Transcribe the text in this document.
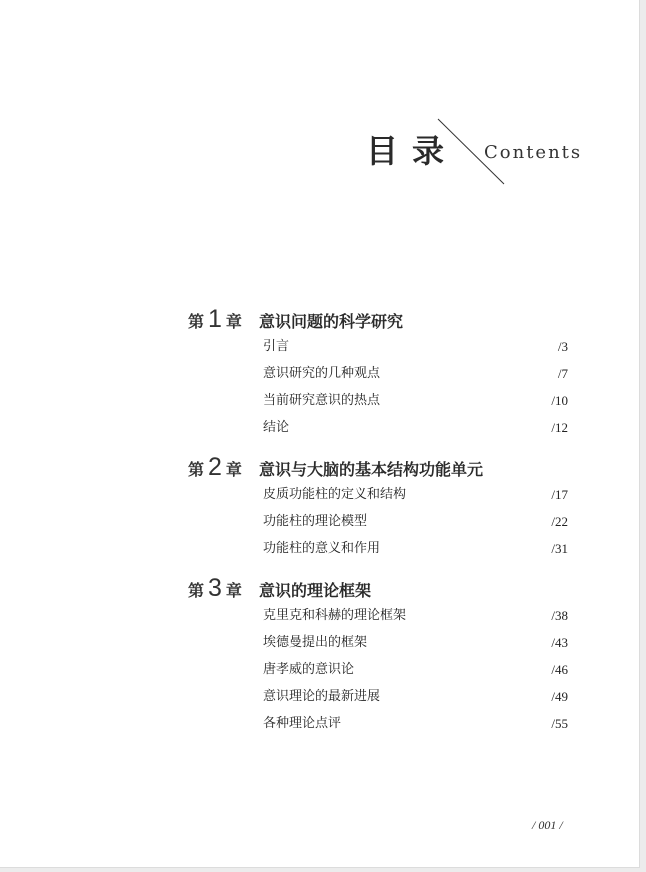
目录 Contents
第 1 章 意识问题的科学研究
引言	/3
意识研究的几种观点	/7
当前研究意识的热点	/10
结论	/12
第 2 章 意识与大脑的基本结构功能单元
皮质功能柱的定义和结构	/17
功能柱的理论模型	/22
功能柱的意义和作用	/31
第 3 章 意识的理论框架
克里克和科赫的理论框架	/38
埃德曼提出的框架	/43
唐孝威的意识论	/46
意识理论的最新进展	/49
各种理论点评	/55
/ 001 /
